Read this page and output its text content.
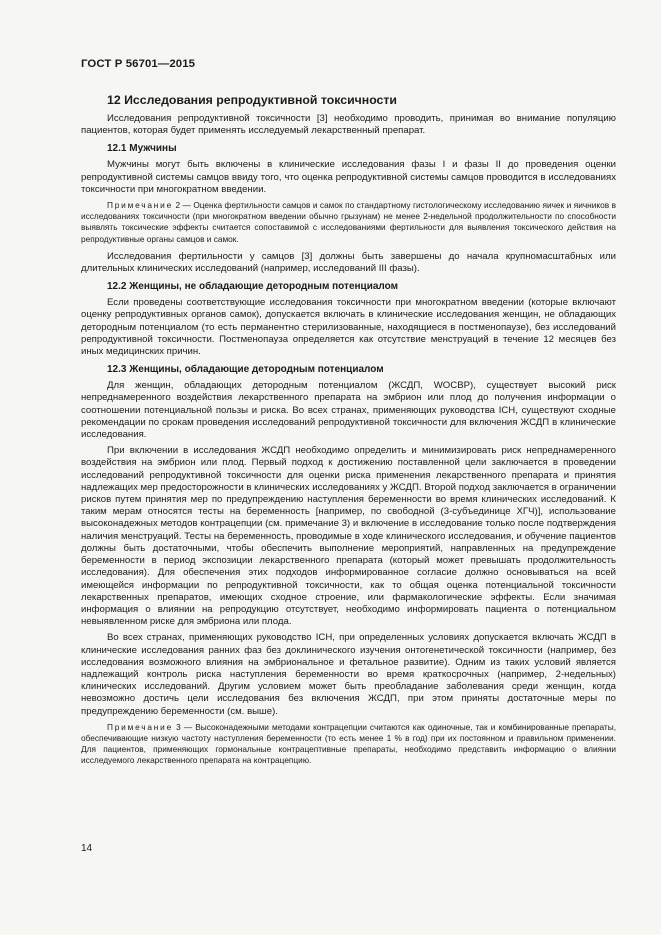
ГОСТ Р 56701—2015
12 Исследования репродуктивной токсичности

Исследования репродуктивной токсичности [3] необходимо проводить, принимая во внимание популяцию пациентов, которая будет применять исследуемый лекарственный препарат.

12.1 Мужчины

Мужчины могут быть включены в клинические исследования фазы I и фазы II до проведения оценки репродуктивной системы самцов ввиду того, что оценка репродуктивной системы самцов проводится в исследованиях токсичности при многократном введении.

Примечание 2 — Оценка фертильности самцов и самок по стандартному гистологическому исследованию яичек и яичников в исследованиях токсичности (при многократном введении обычно грызунам) не менее 2-недельной продолжительности по способности выявлять токсические эффекты считается сопоставимой с исследованиями фертильности для выявления токсического действия на репродуктивные органы самцов и самок.

Исследования фертильности у самцов [3] должны быть завершены до начала крупномасштабных или длительных клинических исследований (например, исследований III фазы).

12.2 Женщины, не обладающие детородным потенциалом

Если проведены соответствующие исследования токсичности при многократном введении (которые включают оценку репродуктивных органов самок), допускается включать в клинические исследования женщин, не обладающих детородным потенциалом (то есть перманентно стерилизованные, находящиеся в постменопаузе), без исследований репродуктивной токсичности. Постменопауза определяется как отсутствие менструаций в течение 12 месяцев без иных медицинских причин.

12.3 Женщины, обладающие детородным потенциалом

Для женщин, обладающих детородным потенциалом (ЖСДП, WOCBP), существует высокий риск непреднамеренного воздействия лекарственного препарата на эмбрион или плод до получения информации о соотношении потенциальной пользы и риска. Во всех странах, применяющих руководства ICH, существуют сходные рекомендации по срокам проведения исследований репродуктивной токсичности для включения ЖСДП в клинические исследования.

При включении в исследования ЖСДП необходимо определить и минимизировать риск непреднамеренного воздействия на эмбрион или плод. Первый подход к достижению поставленной цели заключается в проведении исследований репродуктивной токсичности для оценки риска применения лекарственного препарата и принятия надлежащих мер предосторожности в клинических исследованиях у ЖСДП. Второй подход заключается в ограничении рисков путем принятия мер по предупреждению наступления беременности во время клинических исследований. К таким мерам относятся тесты на беременность [например, по свободной (3-субъединице ХГЧ)], использование высоконадежных методов контрацепции (см. примечание 3) и включение в исследование только после подтверждения наличия менструаций. Тесты на беременность, проводимые в ходе клинического исследования, и обучение пациентов должны быть достаточными, чтобы обеспечить выполнение мероприятий, направленных на предупреждение беременности в период экспозиции лекарственного препарата (который может превышать продолжительность исследования). Для обеспечения этих подходов информированное согласие должно основываться на всей имеющейся информации по репродуктивной токсичности, как то общая оценка потенциальной токсичности лекарственных препаратов, имеющих сходное строение, или фармакологические эффекты. Если значимая информация о влиянии на репродукцию отсутствует, необходимо информировать пациента о потенциальном невыявленном риске для эмбриона или плода.

Во всех странах, применяющих руководство ICH, при определенных условиях допускается включать ЖСДП в клинические исследования ранних фаз без доклинического изучения онтогенетической токсичности (например, без исследования возможного влияния на эмбриональное и фетальное развитие). Одним из таких условий является надлежащий контроль риска наступления беременности во время краткосрочных (например, 2-недельных) клинических исследований. Другим условием может быть преобладание заболевания среди женщин, когда невозможно достичь цели исследования без включения ЖСДП, при этом приняты достаточные меры по предупреждению беременности (см. выше).

Примечание 3 — Высоконадежными методами контрацепции считаются как одиночные, так и комбинированные препараты, обеспечивающие низкую частоту наступления беременности (то есть менее 1 % в год) при их постоянном и правильном применении. Для пациентов, применяющих гормональные контрацептивные препараты, необходимо представить информацию о влиянии исследуемого лекарственного препарата на контрацепцию.

14
